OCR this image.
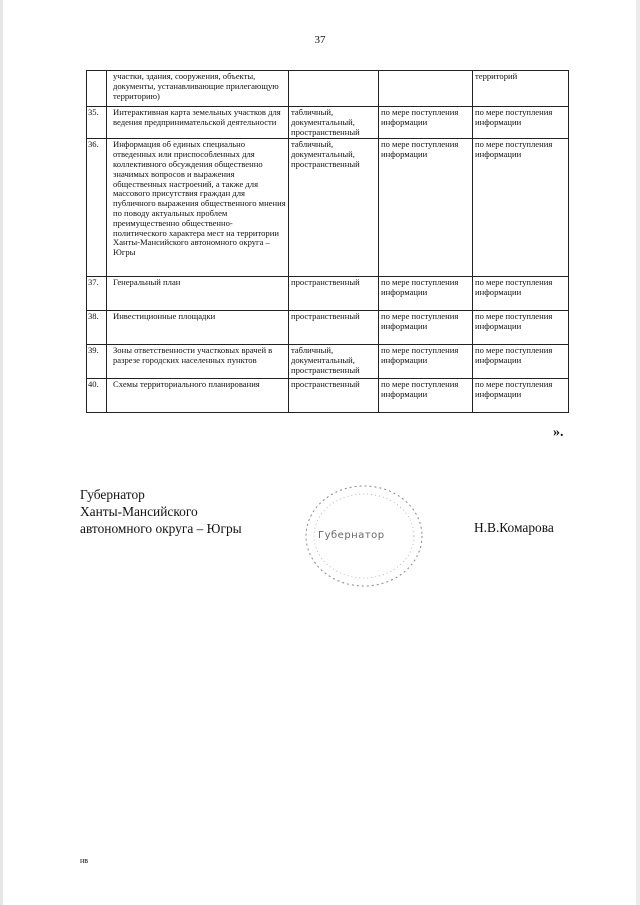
37
	участки, здания, сооружения, объекты, документы, устанавливающие прилегающую территорию)			территорий
35.	Интерактивная карта земельных участков для ведения предпринимательской деятельности	табличный, документальный, пространственный	по мере поступления информации	по мере поступления информации
36.	Информация об единых специально отведенных или приспособленных для коллективного обсуждения общественно значимых вопросов и выражения общественных настроений, а также для массового присутствия граждан для публичного выражения общественного мнения по поводу актуальных проблем преимущественно общественно-политического характера мест на территории Ханты-Мансийского автономного округа – Югры	табличный, документальный, пространственный	по мере поступления информации	по мере поступления информации
37.	Генеральный план	пространственный	по мере поступления информации	по мере поступления информации
38.	Инвестиционные площадки	пространственный	по мере поступления информации	по мере поступления информации
39.	Зоны ответственности участковых врачей в разрезе городских населенных пунктов	табличный, документальный, пространственный	по мере поступления информации	по мере поступления информации
40.	Схемы территориального планирования	пространственный	по мере поступления информации	по мере поступления информации
».
Губернатор
Ханты-Мансийского
автономного округа – Югры	Губернатор
Н.В.Комарова
нв
